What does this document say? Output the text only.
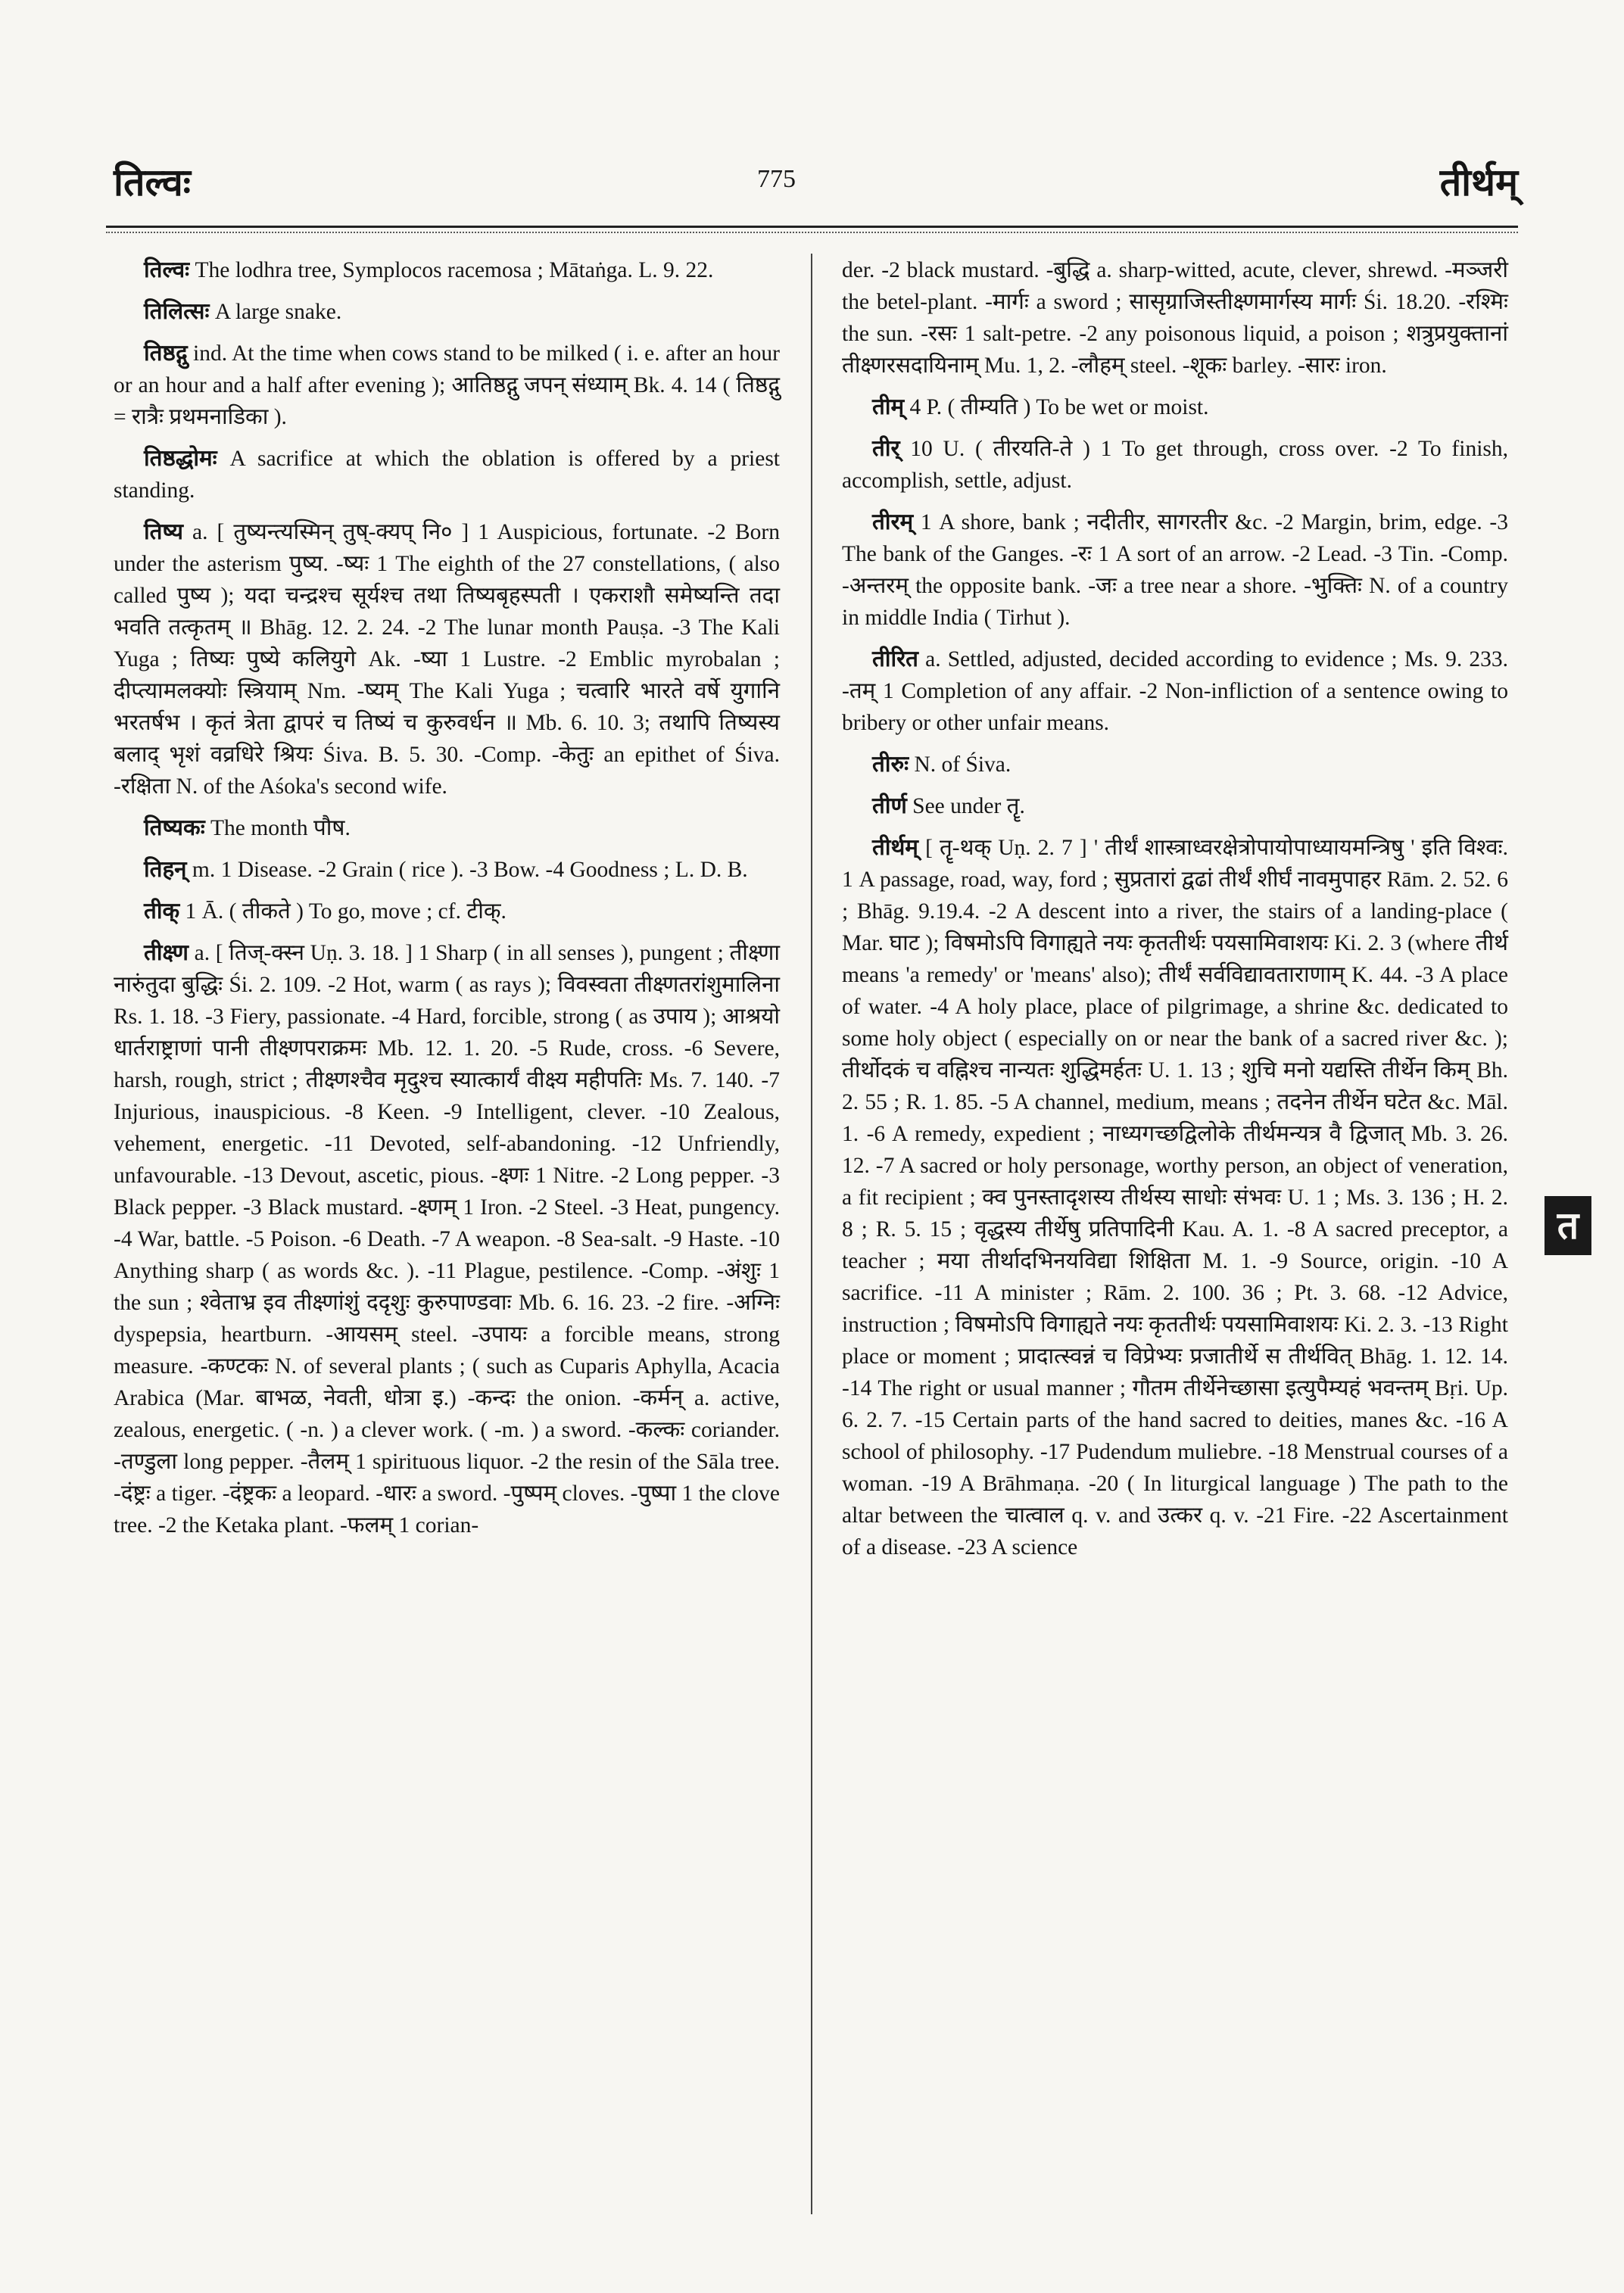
तिल्वः	775	तीर्थम्

तिल्वः The lodhra tree, Symplocos racemosa ; Mātaṅga. L. 9. 22.

तिलित्सः A large snake.

तिष्ठद्गु ind. At the time when cows stand to be milked ( i. e. after an hour or an hour and a half after evening ); आतिष्ठद्गु जपन् संध्याम् Bk. 4. 14 ( तिष्ठद्गु = रात्रैः प्रथमनाडिका ).

तिष्ठद्धोमः A sacrifice at which the oblation is offered by a priest standing.

तिष्य a. [ तुष्यन्त्यस्मिन् तुष्-क्यप् नि० ] 1 Auspicious, fortunate. -2 Born under the asterism पुष्य. -ष्यः 1 The eighth of the 27 constellations, ( also called पुष्य ); यदा चन्द्रश्च सूर्यश्च तथा तिष्यबृहस्पती । एकराशौ समेष्यन्ति तदा भवति तत्कृतम् ॥ Bhāg. 12. 2. 24. -2 The lunar month Pauṣa. -3 The Kali Yuga ; तिष्यः पुष्ये कलियुगे Ak. -ष्या 1 Lustre. -2 Emblic myrobalan ; दीप्त्यामलक्योः स्त्रियाम् Nm. -ष्यम् The Kali Yuga ; चत्वारि भारते वर्षे युगानि भरतर्षभ । कृतं त्रेता द्वापरं च तिष्यं च कुरुवर्धन ॥ Mb. 6. 10. 3; तथापि तिष्यस्य बलाद् भृशं वव्रधिरे श्रियः Śiva. B. 5. 30. -Comp. -केतुः an epithet of Śiva. -रक्षिता N. of the Aśoka's second wife.

तिष्यकः The month पौष.

तिहन् m. 1 Disease. -2 Grain ( rice ). -3 Bow. -4 Goodness ; L. D. B.

तीक् 1 Ā. ( तीकते ) To go, move ; cf. टीक्.

तीक्ष्ण a. [ तिज्-क्स्न Uṇ. 3. 18. ] 1 Sharp ( in all senses ), pungent ; तीक्ष्णा नारुंतुदा बुद्धिः Śi. 2. 109. -2 Hot, warm ( as rays ); विवस्वता तीक्ष्णतरांशुमालिना Rs. 1. 18. -3 Fiery, passionate. -4 Hard, forcible, strong ( as उपाय ); आश्रयो धार्तराष्ट्राणां पानी तीक्ष्णपराक्रमः Mb. 12. 1. 20. -5 Rude, cross. -6 Severe, harsh, rough, strict ; तीक्ष्णश्चैव मृदुश्च स्यात्कार्यं वीक्ष्य महीपतिः Ms. 7. 140. -7 Injurious, inauspicious. -8 Keen. -9 Intelligent, clever. -10 Zealous, vehement, energetic. -11 Devoted, self-abandoning. -12 Unfriendly, unfavourable. -13 Devout, ascetic, pious. -क्ष्णः 1 Nitre. -2 Long pepper. -3 Black pepper. -3 Black mustard. -क्ष्णम् 1 Iron. -2 Steel. -3 Heat, pungency. -4 War, battle. -5 Poison. -6 Death. -7 A weapon. -8 Sea-salt. -9 Haste. -10 Anything sharp ( as words &c. ). -11 Plague, pestilence. -Comp. -अंशुः 1 the sun ; श्वेताभ्र इव तीक्ष्णांशुं ददृशुः कुरुपाण्डवाः Mb. 6. 16. 23. -2 fire. -अग्निः dyspepsia, heartburn. -आयसम् steel. -उपायः a forcible means, strong measure. -कण्टकः N. of several plants ; ( such as Cuparis Aphylla, Acacia Arabica (Mar. बाभळ, नेवती, धोत्रा इ.) -कन्दः the onion. -कर्मन् a. active, zealous, energetic. ( -n. ) a clever work. ( -m. ) a sword. -कल्कः coriander. -तण्डुला long pepper. -तैलम् 1 spirituous liquor. -2 the resin of the Sāla tree. -दंष्ट्रः a tiger. -दंष्ट्रकः a leopard. -धारः a sword. -पुष्पम् cloves. -पुष्पा 1 the clove tree. -2 the Ketaka plant. -फलम् 1 corian-

der. -2 black mustard. -बुद्धि a. sharp-witted, acute, clever, shrewd. -मञ्जरी the betel-plant. -मार्गः a sword ; सासृग्राजिस्तीक्ष्णमार्गस्य मार्गः Śi. 18.20. -रश्मिः the sun. -रसः 1 salt-petre. -2 any poisonous liquid, a poison ; शत्रुप्रयुक्तानां तीक्ष्णरसदायिनाम् Mu. 1, 2. -लौहम् steel. -शूकः barley. -सारः iron.

तीम् 4 P. ( तीम्यति ) To be wet or moist.

तीर् 10 U. ( तीरयति-ते ) 1 To get through, cross over. -2 To finish, accomplish, settle, adjust.

तीरम् 1 A shore, bank ; नदीतीर, सागरतीर &c. -2 Margin, brim, edge. -3 The bank of the Ganges. -रः 1 A sort of an arrow. -2 Lead. -3 Tin. -Comp. -अन्तरम् the opposite bank. -जः a tree near a shore. -भुक्तिः N. of a country in middle India ( Tirhut ).

तीरित a. Settled, adjusted, decided according to evidence ; Ms. 9. 233. -तम् 1 Completion of any affair. -2 Non-infliction of a sentence owing to bribery or other unfair means.

तीरुः N. of Śiva.

तीर्ण See under तॄ.

तीर्थम् [ तॄ-थक् Uṇ. 2. 7 ] ' तीर्थं शास्त्राध्वरक्षेत्रोपायोपाध्यायमन्त्रिषु ' इति विश्वः. 1 A passage, road, way, ford ; सुप्रतारां द्वढां तीर्थं शीर्घं नावमुपाहर Rām. 2. 52. 6 ; Bhāg. 9.19.4. -2 A descent into a river, the stairs of a landing-place ( Mar. घाट ); विषमोऽपि विगाह्यते नयः कृततीर्थः पयसामिवाशयः Ki. 2. 3 (where तीर्थ means 'a remedy' or 'means' also); तीर्थं सर्वविद्यावताराणाम् K. 44. -3 A place of water. -4 A holy place, place of pilgrimage, a shrine &c. dedicated to some holy object ( especially on or near the bank of a sacred river &c. ); तीर्थोदकं च वह्निश्च नान्यतः शुद्धिमर्हतः U. 1. 13 ; शुचि मनो यद्यस्ति तीर्थेन किम् Bh. 2. 55 ; R. 1. 85. -5 A channel, medium, means ; तदनेन तीर्थेन घटेत &c. Māl. 1. -6 A remedy, expedient ; नाध्यगच्छद्विलोके तीर्थमन्यत्र वै द्विजात् Mb. 3. 26. 12. -7 A sacred or holy personage, worthy person, an object of veneration, a fit recipient ; क्व पुनस्तादृशस्य तीर्थस्य साधोः संभवः U. 1 ; Ms. 3. 136 ; H. 2. 8 ; R. 5. 15 ; वृद्धस्य तीर्थेषु प्रतिपादिनी Kau. A. 1. -8 A sacred preceptor, a teacher ; मया तीर्थादभिनयविद्या शिक्षिता M. 1. -9 Source, origin. -10 A sacrifice. -11 A minister ; Rām. 2. 100. 36 ; Pt. 3. 68. -12 Advice, instruction ; विषमोऽपि विगाह्यते नयः कृततीर्थः पयसामिवाशयः Ki. 2. 3. -13 Right place or moment ; प्रादात्स्वन्नं च विप्रेभ्यः प्रजातीर्थे स तीर्थवित् Bhāg. 1. 12. 14. -14 The right or usual manner ; गौतम तीर्थेनेच्छासा इत्युपैम्यहं भवन्तम् Bṛi. Up. 6. 2. 7. -15 Certain parts of the hand sacred to deities, manes &c. -16 A school of philosophy. -17 Pudendum muliebre. -18 Menstrual courses of a woman. -19 A Brāhmaṇa. -20 ( In liturgical language ) The path to the altar between the चात्वाल q. v. and उत्कर q. v. -21 Fire. -22 Ascertainment of a disease. -23 A science

त
